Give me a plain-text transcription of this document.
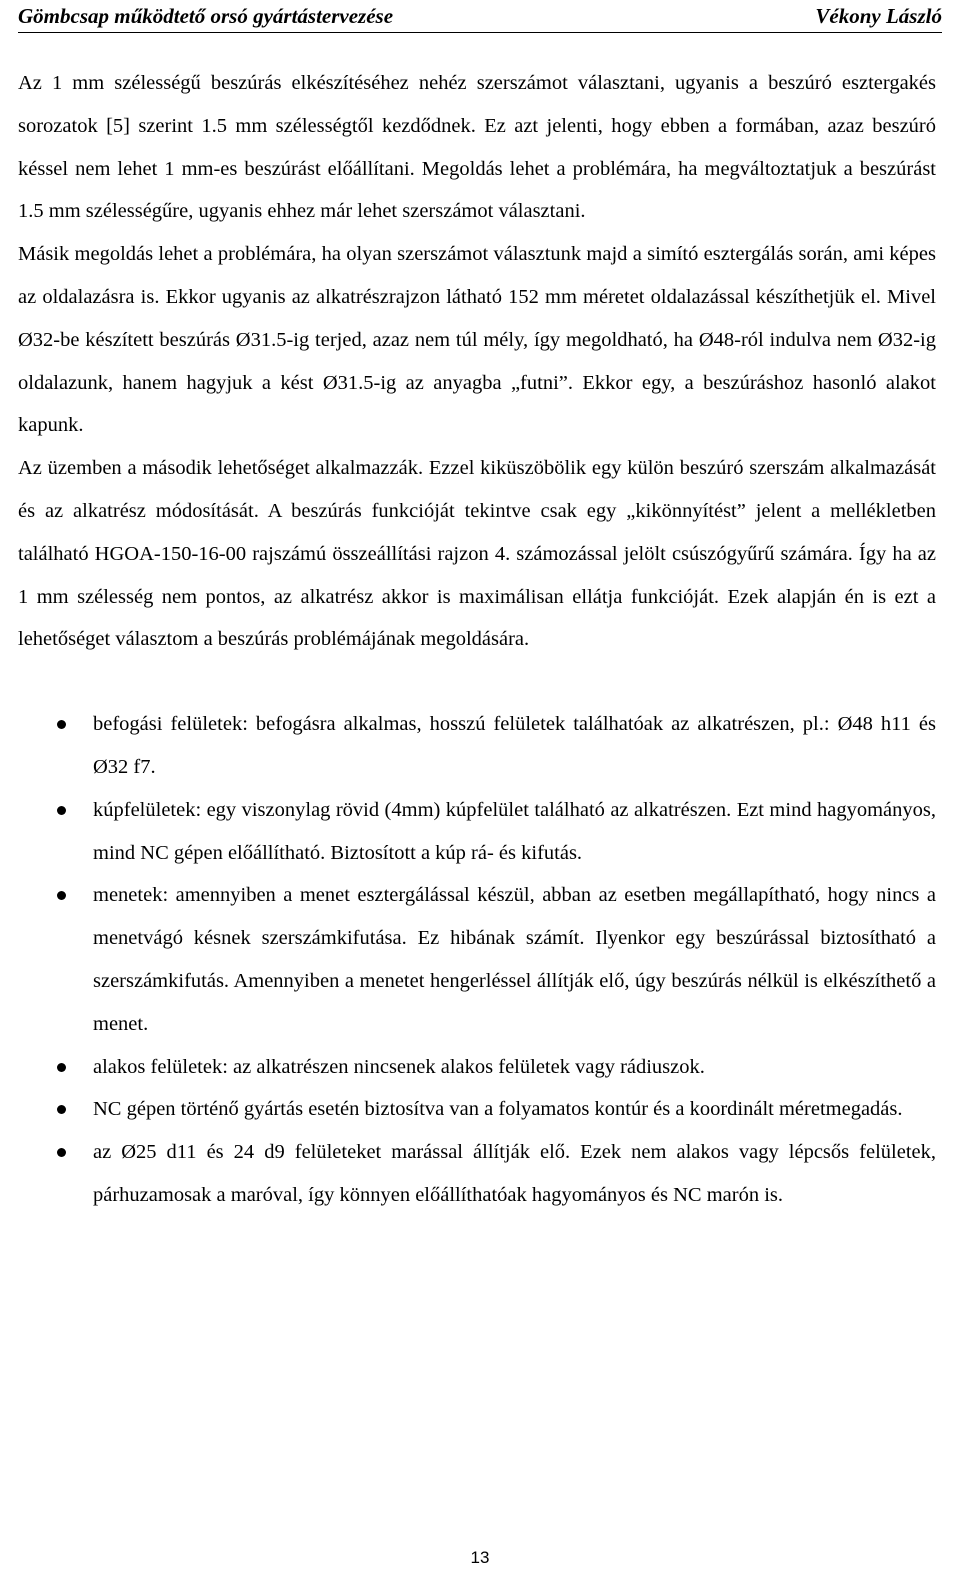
Gömbcsap működtető orsó gyártástervezése	Vékony László

Az 1 mm szélességű beszúrás elkészítéséhez nehéz szerszámot választani, ugyanis a beszúró esztergakés sorozatok [5] szerint 1.5 mm szélességtől kezdődnek. Ez azt jelenti, hogy ebben a formában, azaz beszúró késsel nem lehet 1 mm-es beszúrást előállítani. Megoldás lehet a problémára, ha megváltoztatjuk a beszúrást 1.5 mm szélességűre, ugyanis ehhez már lehet szerszámot választani.

Másik megoldás lehet a problémára, ha olyan szerszámot választunk majd a simító esztergálás során, ami képes az oldalazásra is. Ekkor ugyanis az alkatrészrajzon látható 152 mm méretet oldalazással készíthetjük el. Mivel Ø32-be készített beszúrás Ø31.5-ig terjed, azaz nem túl mély, így megoldható, ha Ø48-ról indulva nem Ø32-ig oldalazunk, hanem hagyjuk a kést Ø31.5-ig az anyagba „futni”. Ekkor egy, a beszúráshoz hasonló alakot kapunk.

Az üzemben a második lehetőséget alkalmazzák. Ezzel kiküszöbölik egy külön beszúró szerszám alkalmazását és az alkatrész módosítását. A beszúrás funkcióját tekintve csak egy „kikönnyítést” jelent a mellékletben található HGOA-150-16-00 rajszámú összeállítási rajzon 4. számozással jelölt csúszógyűrű számára. Így ha az 1 mm szélesség nem pontos, az alkatrész akkor is maximálisan ellátja funkcióját. Ezek alapján én is ezt a lehetőséget választom a beszúrás problémájának megoldására.

befogási felületek: befogásra alkalmas, hosszú felületek találhatóak az alkatrészen, pl.: Ø48 h11 és Ø32 f7.
kúpfelületek: egy viszonylag rövid (4mm) kúpfelület található az alkatrészen. Ezt mind hagyományos, mind NC gépen előállítható. Biztosított a kúp rá- és kifutás.
menetek: amennyiben a menet esztergálással készül, abban az esetben megállapítható, hogy nincs a menetvágó késnek szerszámkifutása. Ez hibának számít. Ilyenkor egy beszúrással biztosítható a szerszámkifutás. Amennyiben a menetet hengerléssel állítják elő, úgy beszúrás nélkül is elkészíthető a menet.
alakos felületek: az alkatrészen nincsenek alakos felületek vagy rádiuszok.
NC gépen történő gyártás esetén biztosítva van a folyamatos kontúr és a koordinált méretmegadás.
az Ø25 d11 és 24 d9 felületeket marással állítják elő. Ezek nem alakos vagy lépcsős felületek, párhuzamosak a maróval, így könnyen előállíthatóak hagyományos és NC marón is.
13
